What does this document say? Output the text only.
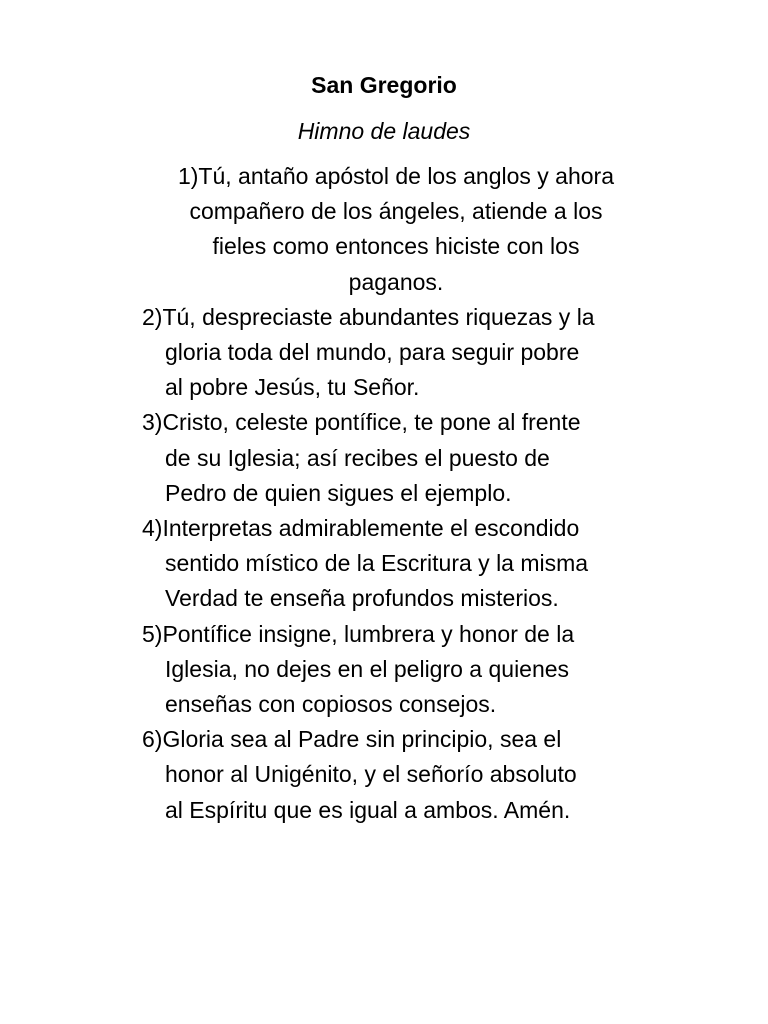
San Gregorio
Himno de laudes
1)Tú, antaño apóstol de los anglos y ahora
compañero de los ángeles, atiende a los
fieles como entonces hiciste con los
paganos.
2)Tú, despreciaste abundantes riquezas y la
gloria toda del mundo, para seguir pobre
al pobre Jesús, tu Señor.
3)Cristo, celeste pontífice, te pone al frente
de su Iglesia; así recibes el puesto de
Pedro de quien sigues el ejemplo.
4)Interpretas admirablemente el escondido
sentido místico de la Escritura y la misma
Verdad te enseña profundos misterios.
5)Pontífice insigne, lumbrera y honor de la
Iglesia, no dejes en el peligro a quienes
enseñas con copiosos consejos.
6)Gloria sea al Padre sin principio, sea el
honor al Unigénito, y el señorío absoluto
al Espíritu que es igual a ambos. Amén.
